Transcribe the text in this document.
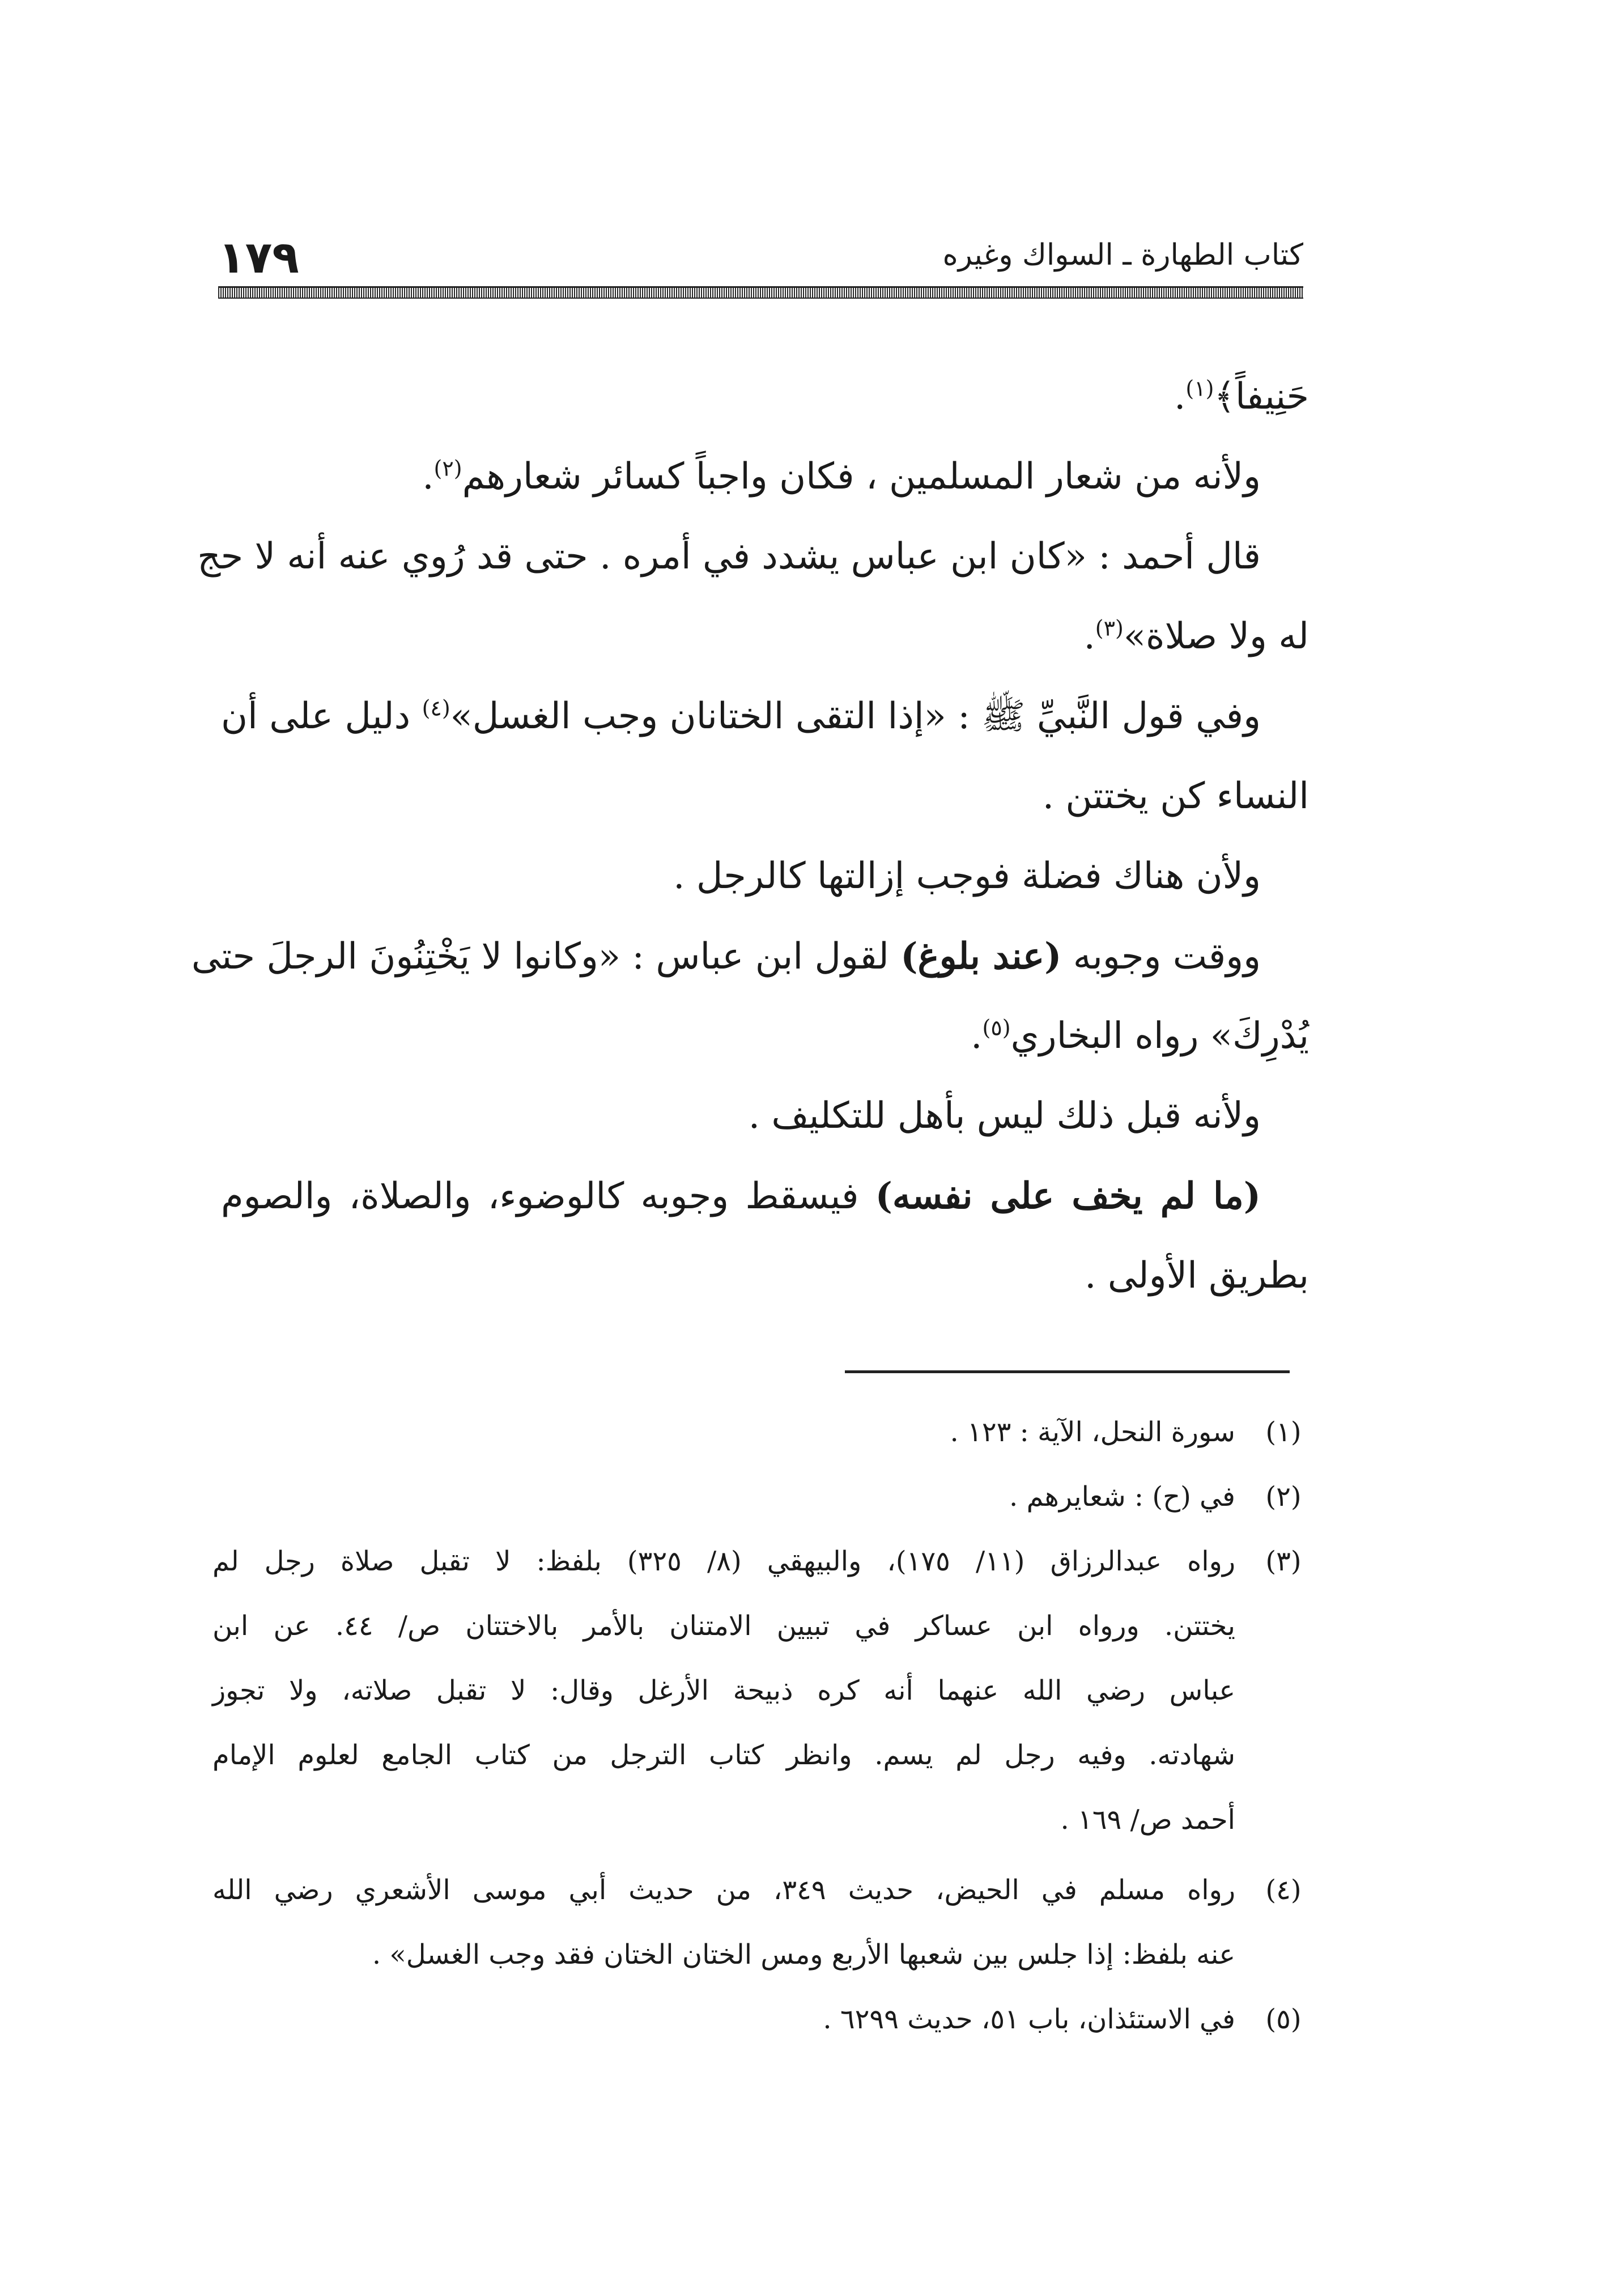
كتاب الطهارة ـ السواك وغيره
١٧٩
حَنِيفاً﴾$^{(١)}$.
ولأنه من شعار المسلمين ، فكان واجباً كسائر شعارهم$^{(٢)}$.
قال أحمد : «كان ابن عباس يشدد في أمره . حتى قد رُوي عنه أنه لا حج
له ولا صلاة»$^{(٣)}$.
وفي قول النَّبيِّ ﷺ : «إذا التقى الختانان وجب الغسل»$^{(٤)}$ دليل على أن
النساء كن يختتن .
ولأن هناك فضلة فوجب إزالتها كالرجل .
ووقت وجوبه (عند بلوغ) لقول ابن عباس : «وكانوا لا يَخْتِنُونَ الرجلَ حتى
يُدْرِكَ» رواه البخاري$^{(٥)}$.
ولأنه قبل ذلك ليس بأهل للتكليف .
(ما لم يخف على نفسه) فيسقط وجوبه كالوضوء، والصلاة، والصوم
بطريق الأولى .
(١)
سورة النحل، الآية : ١٢٣ .
(٢)
في (ح) : شعايرهم .
(٣)
رواه عبدالرزاق (١١/ ١٧٥)، والبيهقي (٨/ ٣٢٥) بلفظ: لا تقبل صلاة رجل لم
يختتن. ورواه ابن عساكر في تبيين الامتنان بالأمر بالاختتان ص/ ٤٤. عن ابن
عباس رضي الله عنهما أنه كره ذبيحة الأرغل وقال: لا تقبل صلاته، ولا تجوز
شهادته. وفيه رجل لم يسم. وانظر كتاب الترجل من كتاب الجامع لعلوم الإمام
أحمد ص/ ١٦٩ .
(٤)
رواه مسلم في الحيض، حديث ٣٤٩، من حديث أبي موسى الأشعري رضي الله
عنه بلفظ: إذا جلس بين شعبها الأربع ومس الختان الختان فقد وجب الغسل» .
(٥)
في الاستئذان، باب ٥١، حديث ٦٢٩٩ .
